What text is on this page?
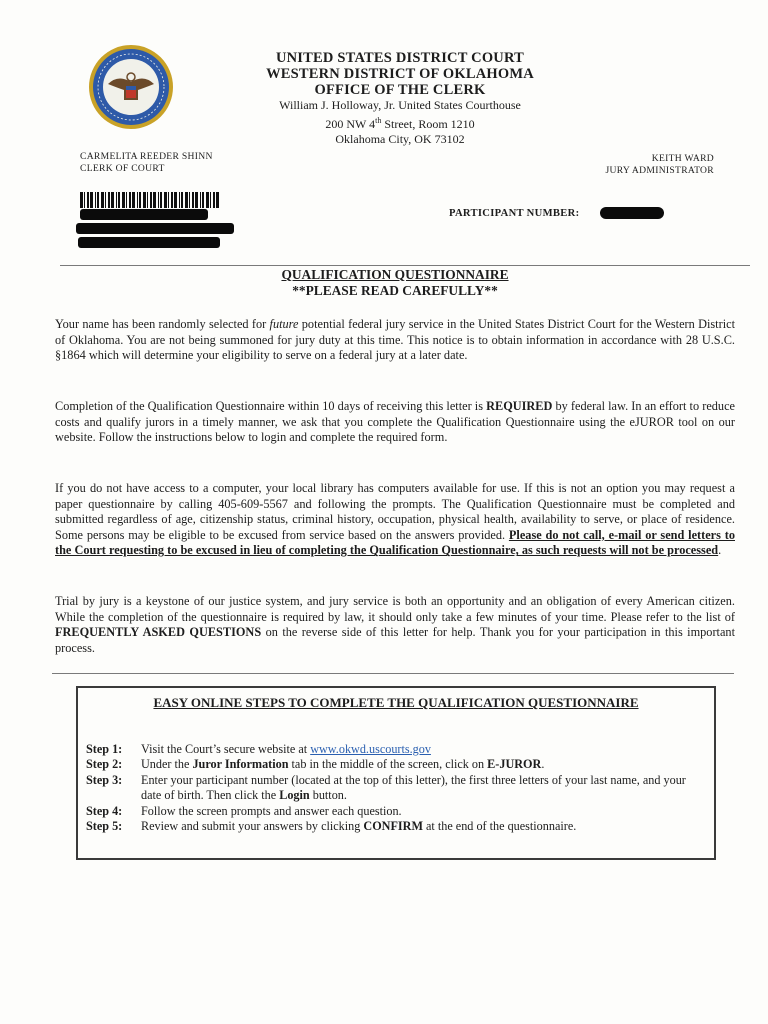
UNITED STATES DISTRICT COURT
WESTERN DISTRICT OF OKLAHOMA
OFFICE OF THE CLERK
William J. Holloway, Jr. United States Courthouse
200 NW 4th Street, Room 1210
Oklahoma City, OK 73102
CARMELITA REEDER SHINN
CLERK OF COURT
KEITH WARD
JURY ADMINISTRATOR
PARTICIPANT NUMBER:
QUALIFICATION QUESTIONNAIRE
**PLEASE READ CAREFULLY**
Your name has been randomly selected for future potential federal jury service in the United States District Court for the Western District of Oklahoma. You are not being summoned for jury duty at this time. This notice is to obtain information in accordance with 28 U.S.C. §1864 which will determine your eligibility to serve on a federal jury at a later date.
Completion of the Qualification Questionnaire within 10 days of receiving this letter is REQUIRED by federal law. In an effort to reduce costs and qualify jurors in a timely manner, we ask that you complete the Qualification Questionnaire using the eJUROR tool on our website. Follow the instructions below to login and complete the required form.
If you do not have access to a computer, your local library has computers available for use. If this is not an option you may request a paper questionnaire by calling 405-609-5567 and following the prompts. The Qualification Questionnaire must be completed and submitted regardless of age, citizenship status, criminal history, occupation, physical health, availability to serve, or place of residence. Some persons may be eligible to be excused from service based on the answers provided. Please do not call, e-mail or send letters to the Court requesting to be excused in lieu of completing the Qualification Questionnaire, as such requests will not be processed.
Trial by jury is a keystone of our justice system, and jury service is both an opportunity and an obligation of every American citizen. While the completion of the questionnaire is required by law, it should only take a few minutes of your time. Please refer to the list of FREQUENTLY ASKED QUESTIONS on the reverse side of this letter for help. Thank you for your participation in this important process.
EASY ONLINE STEPS TO COMPLETE THE QUALIFICATION QUESTIONNAIRE
Step 1:	Visit the Court’s secure website at www.okwd.uscourts.gov
Step 2:	Under the Juror Information tab in the middle of the screen, click on E-JUROR.
Step 3:	Enter your participant number (located at the top of this letter), the first three letters of your last name, and your date of birth. Then click the Login button.
Step 4:	Follow the screen prompts and answer each question.
Step 5:	Review and submit your answers by clicking CONFIRM at the end of the questionnaire.
